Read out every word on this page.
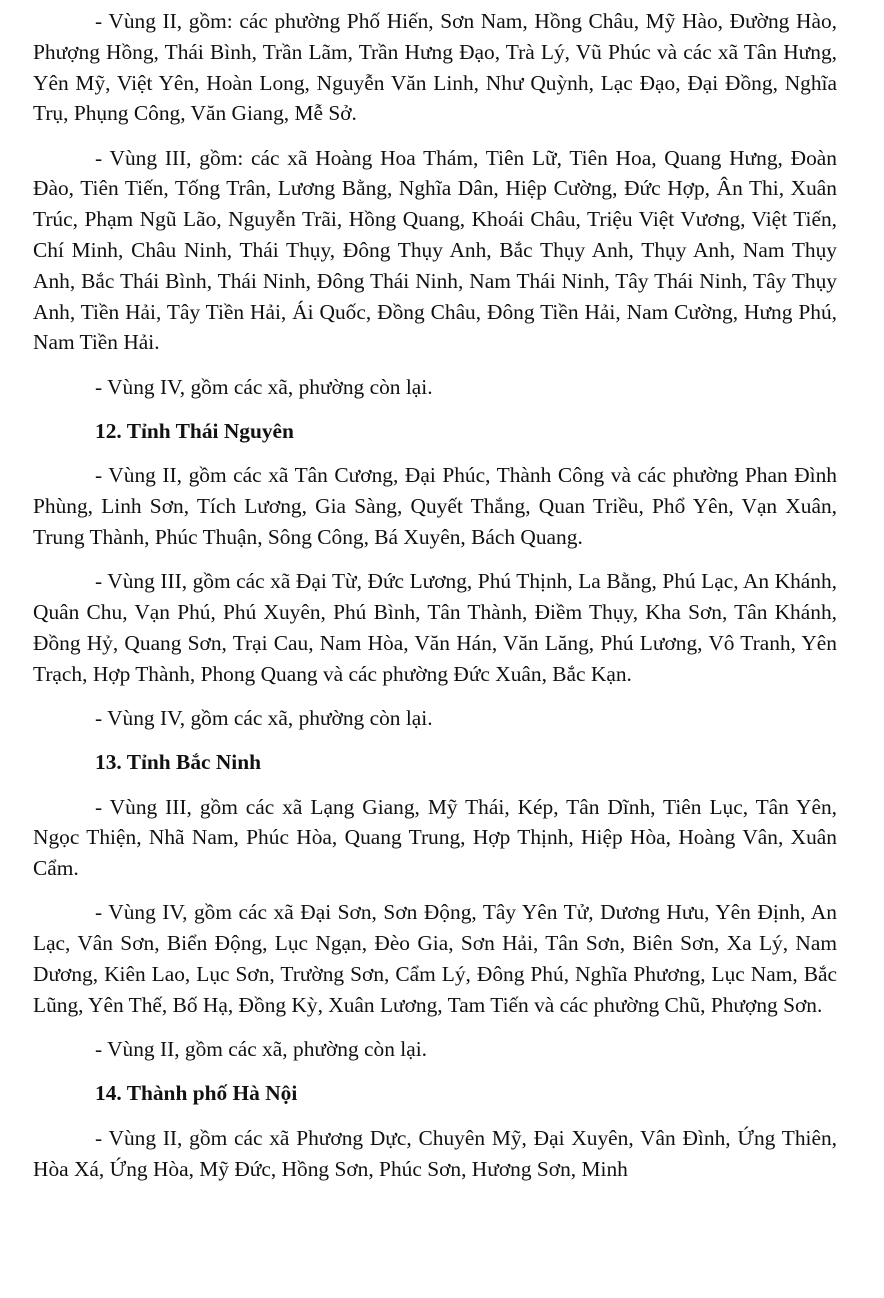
- Vùng II, gồm: các phường Phố Hiến, Sơn Nam, Hồng Châu, Mỹ Hào, Đường Hào, Phượng Hồng, Thái Bình, Trần Lãm, Trần Hưng Đạo, Trà Lý, Vũ Phúc và các xã Tân Hưng, Yên Mỹ, Việt Yên, Hoàn Long, Nguyễn Văn Linh, Như Quỳnh, Lạc Đạo, Đại Đồng, Nghĩa Trụ, Phụng Công, Văn Giang, Mễ Sở.

- Vùng III, gồm: các xã Hoàng Hoa Thám, Tiên Lữ, Tiên Hoa, Quang Hưng, Đoàn Đào, Tiên Tiến, Tống Trân, Lương Bằng, Nghĩa Dân, Hiệp Cường, Đức Hợp, Ân Thi, Xuân Trúc, Phạm Ngũ Lão, Nguyễn Trãi, Hồng Quang, Khoái Châu, Triệu Việt Vương, Việt Tiến, Chí Minh, Châu Ninh, Thái Thụy, Đông Thụy Anh, Bắc Thụy Anh, Thụy Anh, Nam Thụy Anh, Bắc Thái Bình, Thái Ninh, Đông Thái Ninh, Nam Thái Ninh, Tây Thái Ninh, Tây Thụy Anh, Tiền Hải, Tây Tiền Hải, Ái Quốc, Đồng Châu, Đông Tiền Hải, Nam Cường, Hưng Phú, Nam Tiền Hải.

- Vùng IV, gồm các xã, phường còn lại.

12. Tỉnh Thái Nguyên

- Vùng II, gồm các xã Tân Cương, Đại Phúc, Thành Công và các phường Phan Đình Phùng, Linh Sơn, Tích Lương, Gia Sàng, Quyết Thắng, Quan Triều, Phổ Yên, Vạn Xuân, Trung Thành, Phúc Thuận, Sông Công, Bá Xuyên, Bách Quang.

- Vùng III, gồm các xã Đại Từ, Đức Lương, Phú Thịnh, La Bằng, Phú Lạc, An Khánh, Quân Chu, Vạn Phú, Phú Xuyên, Phú Bình, Tân Thành, Điềm Thụy, Kha Sơn, Tân Khánh, Đồng Hỷ, Quang Sơn, Trại Cau, Nam Hòa, Văn Hán, Văn Lăng, Phú Lương, Vô Tranh, Yên Trạch, Hợp Thành, Phong Quang và các phường Đức Xuân, Bắc Kạn.

- Vùng IV, gồm các xã, phường còn lại.

13. Tỉnh Bắc Ninh

- Vùng III, gồm các xã Lạng Giang, Mỹ Thái, Kép, Tân Dĩnh, Tiên Lục, Tân Yên, Ngọc Thiện, Nhã Nam, Phúc Hòa, Quang Trung, Hợp Thịnh, Hiệp Hòa, Hoàng Vân, Xuân Cẩm.

- Vùng IV, gồm các xã Đại Sơn, Sơn Động, Tây Yên Tử, Dương Hưu, Yên Định, An Lạc, Vân Sơn, Biển Động, Lục Ngạn, Đèo Gia, Sơn Hải, Tân Sơn, Biên Sơn, Xa Lý, Nam Dương, Kiên Lao, Lục Sơn, Trường Sơn, Cẩm Lý, Đông Phú, Nghĩa Phương, Lục Nam, Bắc Lũng, Yên Thế, Bố Hạ, Đồng Kỳ, Xuân Lương, Tam Tiến và các phường Chũ, Phượng Sơn.

- Vùng II, gồm các xã, phường còn lại.

14. Thành phố Hà Nội

- Vùng II, gồm các xã Phương Dực, Chuyên Mỹ, Đại Xuyên, Vân Đình, Ứng Thiên, Hòa Xá, Ứng Hòa, Mỹ Đức, Hồng Sơn, Phúc Sơn, Hương Sơn, Minh
